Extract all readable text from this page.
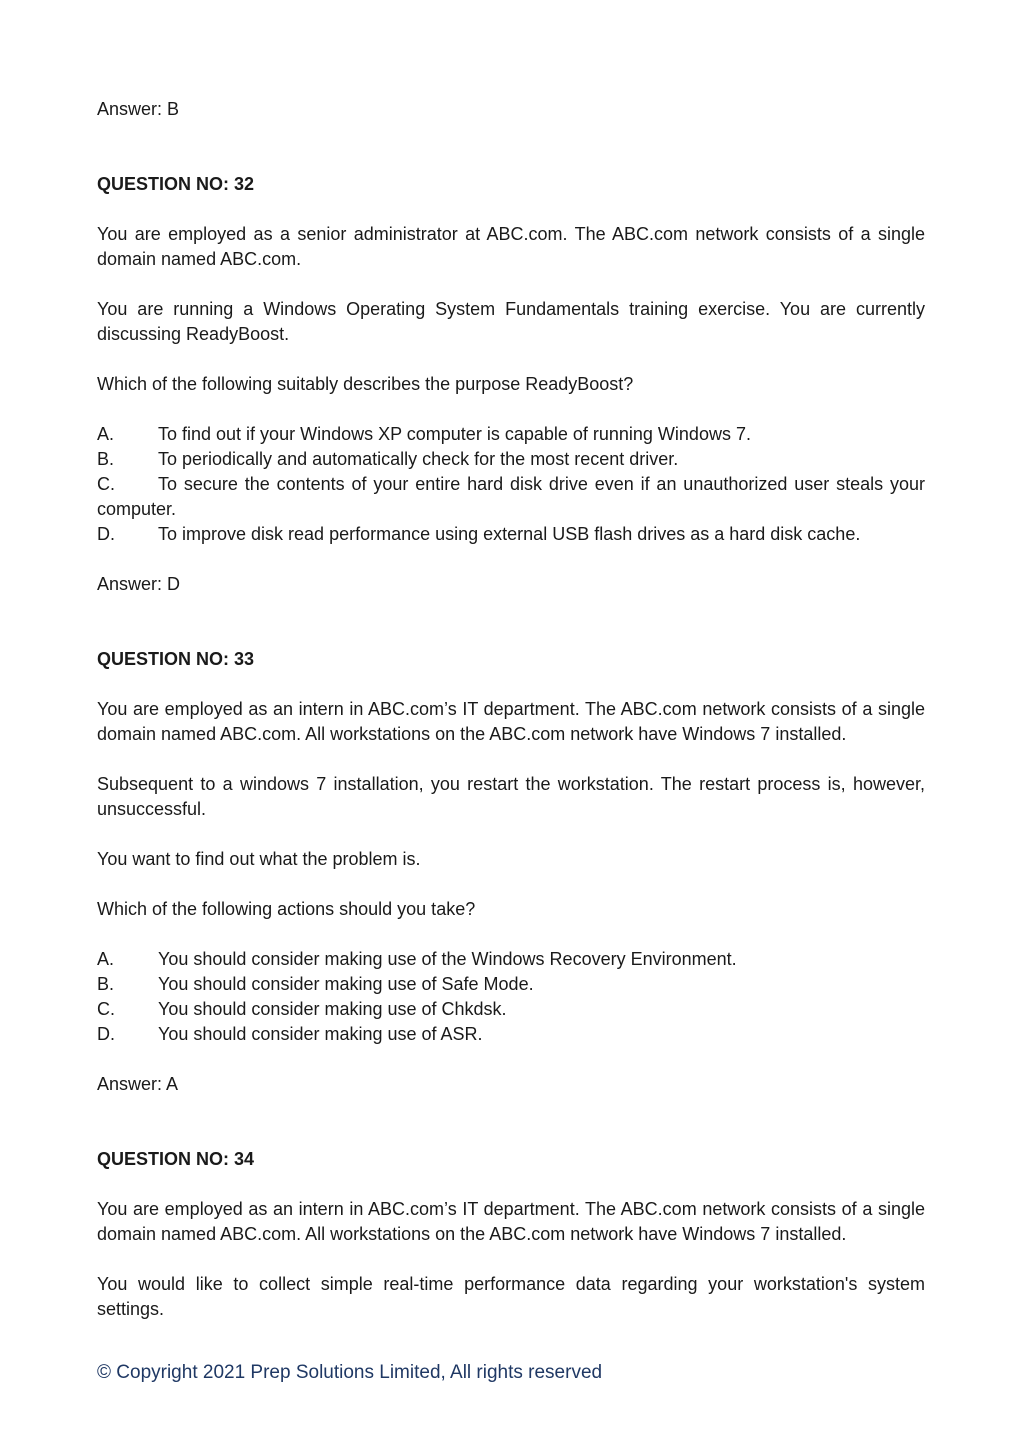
Answer: B

QUESTION NO: 32

You are employed as a senior administrator at ABC.com. The ABC.com network consists of a single domain named ABC.com.

You are running a Windows Operating System Fundamentals training exercise. You are currently discussing ReadyBoost.

Which of the following suitably describes the purpose ReadyBoost?

A. To find out if your Windows XP computer is capable of running Windows 7.

B. To periodically and automatically check for the most recent driver.

C. To secure the contents of your entire hard disk drive even if an unauthorized user steals your computer.

D. To improve disk read performance using external USB flash drives as a hard disk cache.

Answer: D

QUESTION NO: 33

You are employed as an intern in ABC.com’s IT department. The ABC.com network consists of a single domain named ABC.com. All workstations on the ABC.com network have Windows 7 installed.

Subsequent to a windows 7 installation, you restart the workstation. The restart process is, however, unsuccessful.

You want to find out what the problem is.

Which of the following actions should you take?

A. You should consider making use of the Windows Recovery Environment.

B. You should consider making use of Safe Mode.

C. You should consider making use of Chkdsk.

D. You should consider making use of ASR.

Answer: A

QUESTION NO: 34

You are employed as an intern in ABC.com’s IT department. The ABC.com network consists of a single domain named ABC.com. All workstations on the ABC.com network have Windows 7 installed.

You would like to collect simple real-time performance data regarding your workstation's system settings.

© Copyright 2021 Prep Solutions Limited, All rights reserved
